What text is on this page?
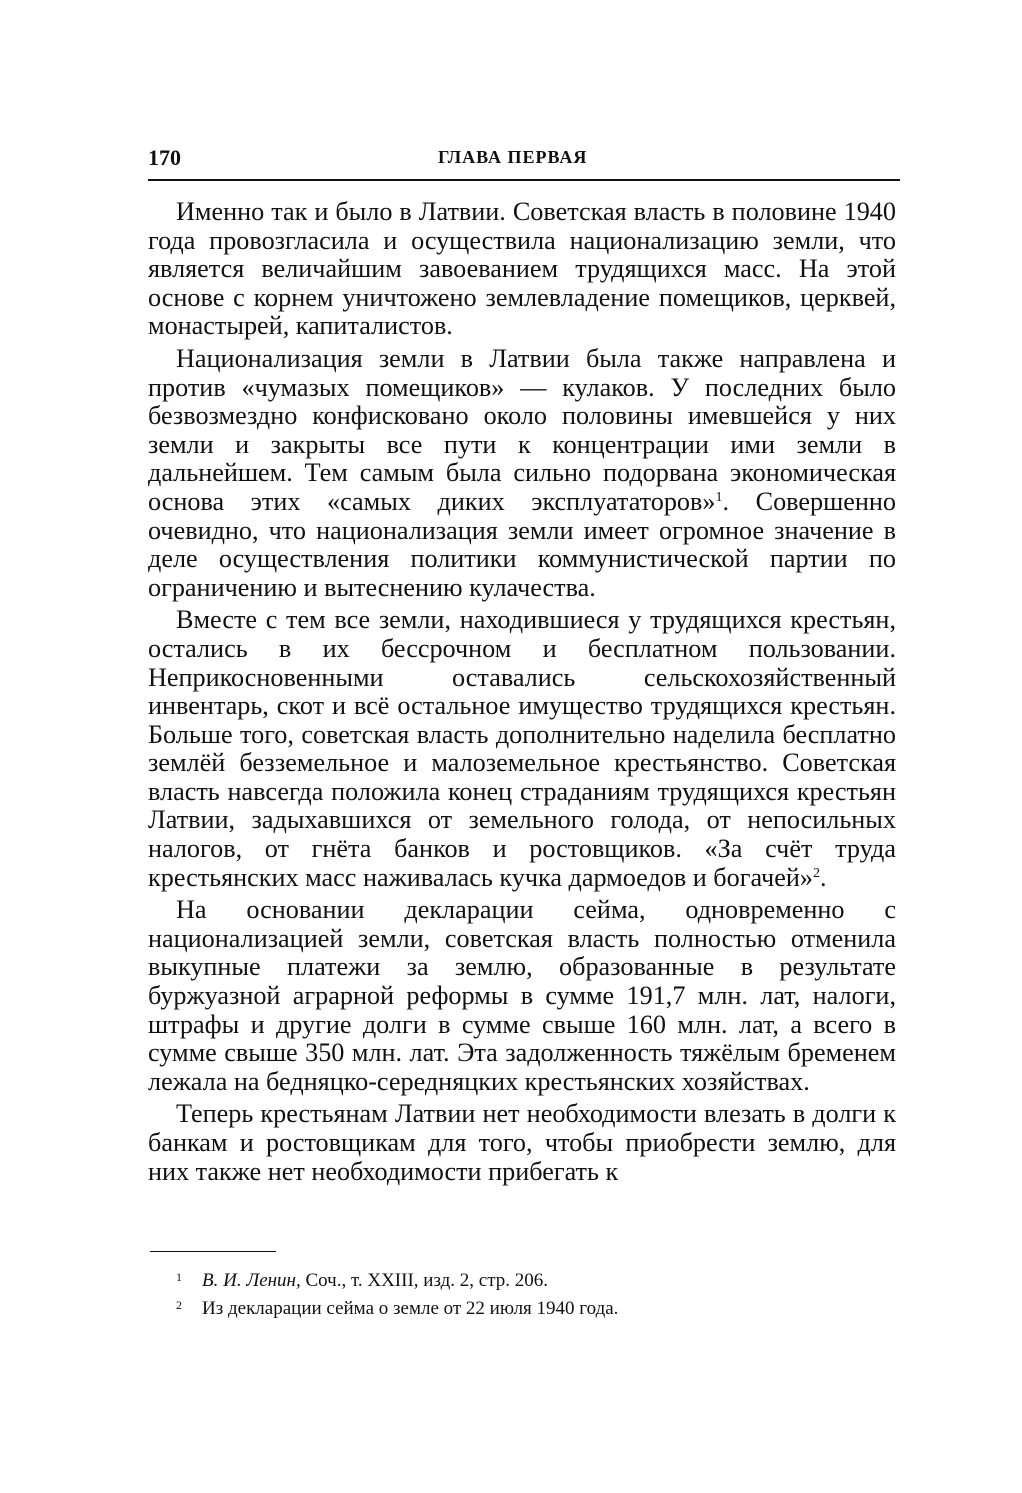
170	ГЛАВА ПЕРВАЯ

Именно так и было в Латвии. Советская власть в половине 1940 года провозгласила и осуществила национализацию земли, что является величайшим завоеванием трудящихся масс. На этой основе с корнем уничтожено землевладение помещиков, церквей, монастырей, капиталистов.

Национализация земли в Латвии была также направлена и против «чумазых помещиков» — кулаков. У последних было безвозмездно конфисковано около половины имевшейся у них земли и закрыты все пути к концентрации ими земли в дальнейшем. Тем самым была сильно подорвана экономическая основа этих «самых диких эксплуататоров»$^1$. Совершенно очевидно, что национализация земли имеет огромное значение в деле осуществления политики коммунистической партии по ограничению и вытеснению кулачества.

Вместе с тем все земли, находившиеся у трудящихся крестьян, остались в их бессрочном и бесплатном пользовании. Неприкосновенными оставались сельскохозяйственный инвентарь, скот и всё остальное имущество трудящихся крестьян. Больше того, советская власть дополнительно наделила бесплатно землёй безземельное и малоземельное крестьянство. Советская власть навсегда положила конец страданиям трудящихся крестьян Латвии, задыхавшихся от земельного голода, от непосильных налогов, от гнёта банков и ростовщиков. «За счёт труда крестьянских масс наживалась кучка дармоедов и богачей»$^2$.

На основании декларации сейма, одновременно с национализацией земли, советская власть полностью отменила выкупные платежи за землю, образованные в результате буржуазной аграрной реформы в сумме 191,7 млн. лат, налоги, штрафы и другие долги в сумме свыше 160 млн. лат, а всего в сумме свыше 350 млн. лат. Эта задолженность тяжёлым бременем лежала на бедняцко-середняцких крестьянских хозяйствах.

Теперь крестьянам Латвии нет необходимости влезать в долги к банкам и ростовщикам для того, чтобы приобрести землю, для них также нет необходимости прибегать к

1 В. И. Ленин, Соч., т. XXIII, изд. 2, стр. 206.
2 Из декларации сейма о земле от 22 июля 1940 года.
